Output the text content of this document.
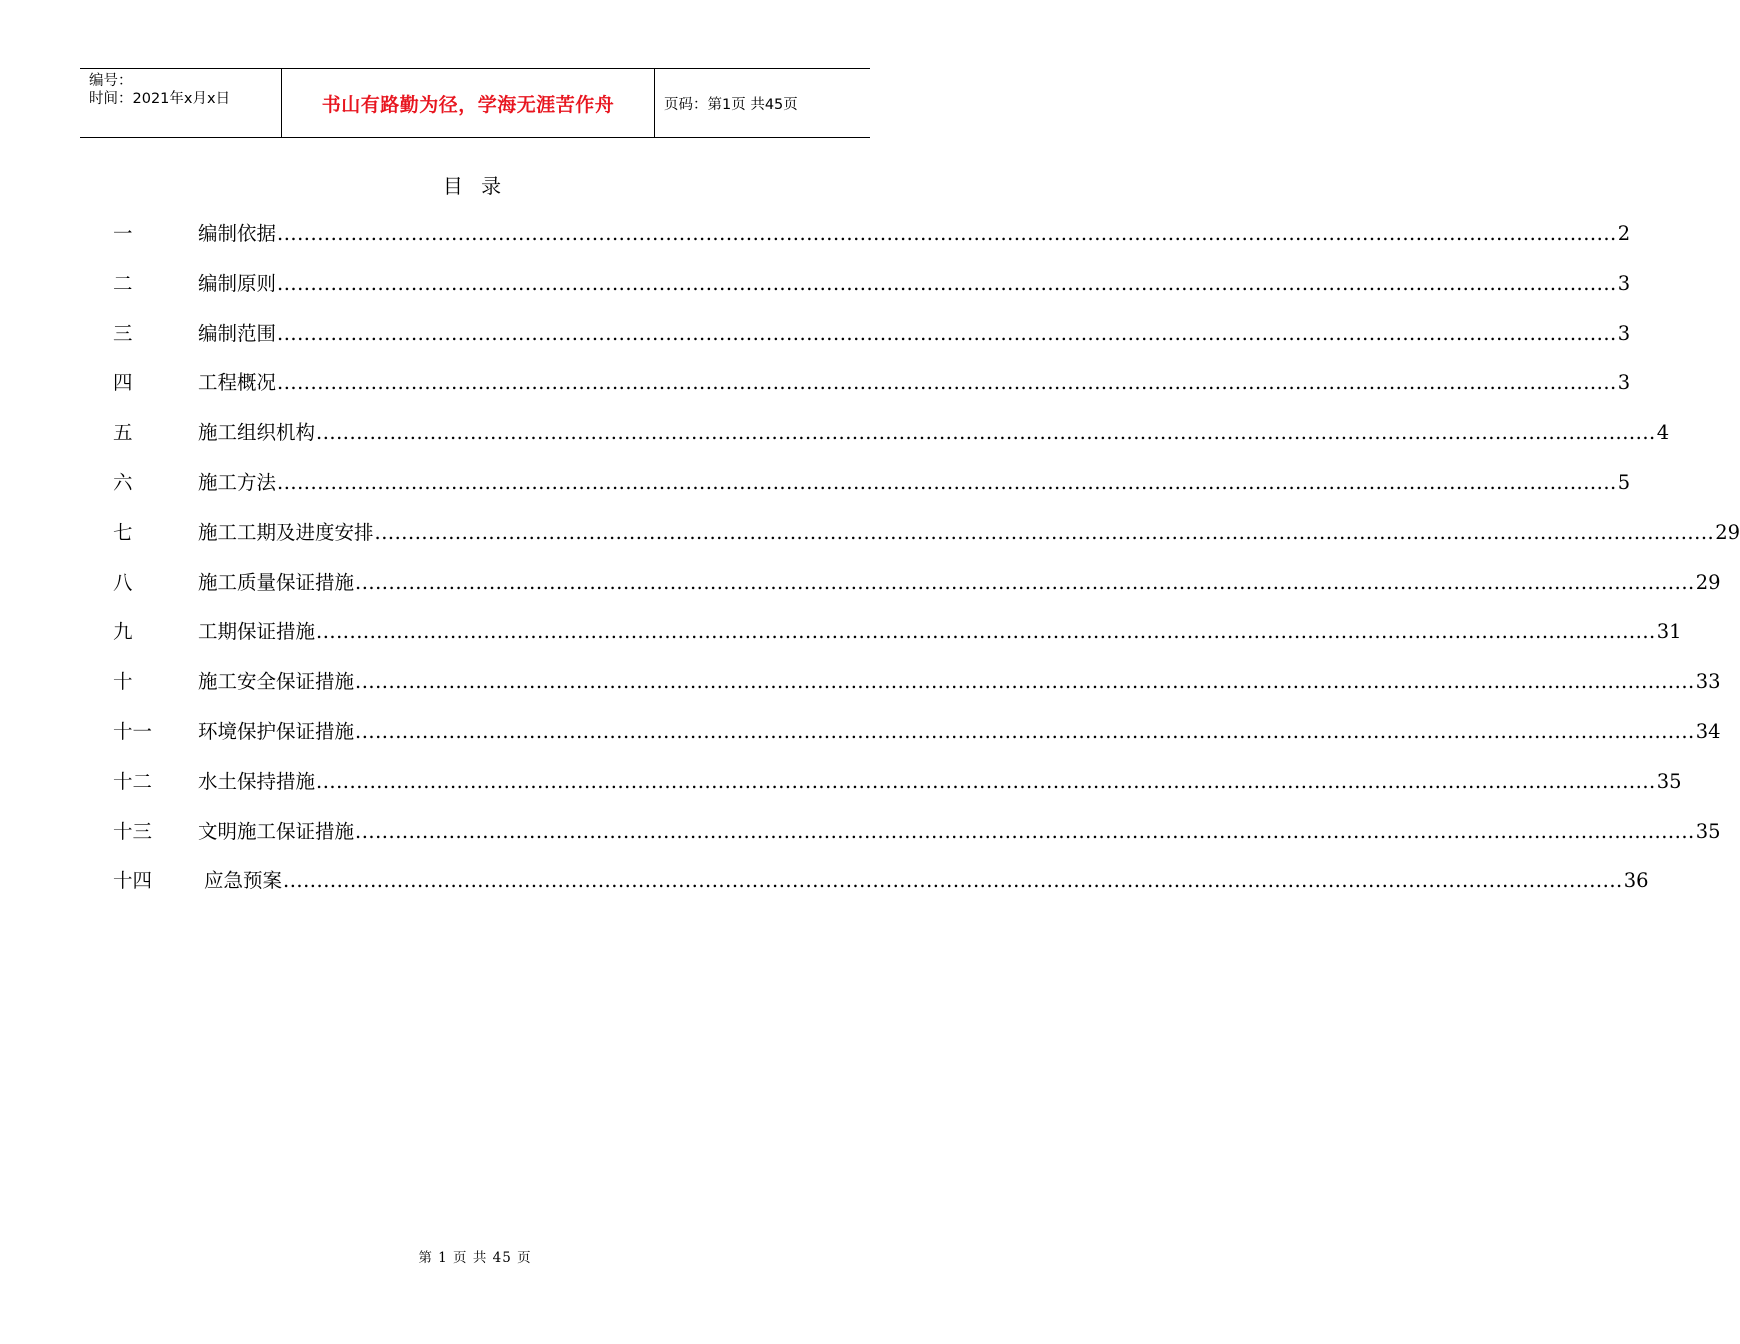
编号：
时间：2021年x月x日	书山有路勤为径，学海无涯苦作舟	页码：第1页 共45页
目 录
一	编制依据 ........................................................................................................................................................................................................ 2
二	编制原则 ........................................................................................................................................................................................................ 3
三	编制范围 ........................................................................................................................................................................................................ 3
四	工程概况 ........................................................................................................................................................................................................ 3
五	施工组织机构 ........................................................................................................................................................................................................ 4
六	施工方法 ........................................................................................................................................................................................................ 5
七	施工工期及进度安排 ........................................................................................................................................................................................................ 29
八	施工质量保证措施 ........................................................................................................................................................................................................ 29
九	工期保证措施 ........................................................................................................................................................................................................ 31
十	施工安全保证措施 ........................................................................................................................................................................................................ 33
十一	环境保护保证措施 ........................................................................................................................................................................................................ 34
十二	水土保持措施 ........................................................................................................................................................................................................ 35
十三	文明施工保证措施 ........................................................................................................................................................................................................ 35
十四	应急预案 ........................................................................................................................................................................................................ 36
第 1 页 共 45 页
